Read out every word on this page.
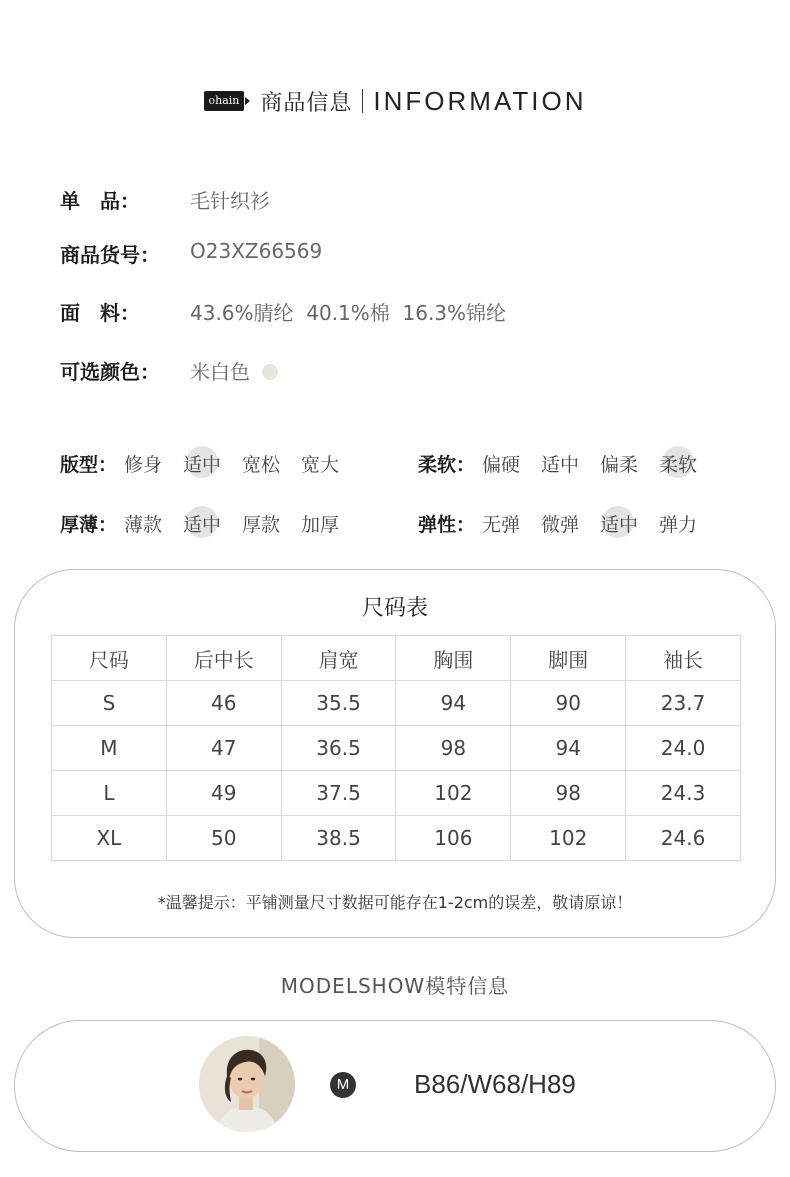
ohain 商品信息 INFORMATION
单　品：	毛针织衫
商品货号： O23XZ66569
面　料：	43.6%腈纶  40.1%棉  16.3%锦纶
可选颜色： 米白色
版型： 修身 适中 宽松 宽大	柔软： 偏硬 适中 偏柔 柔软
厚薄： 薄款 适中 厚款 加厚	弹性： 无弹 微弹 适中 弹力
尺码表
尺码	后中长	肩宽	胸围	脚围	袖长
S	46	35.5	94	90	23.7
M	47	36.5	98	94	24.0
L	49	37.5	102	98	24.3
XL	50	38.5	106	102	24.6
*温馨提示：平铺测量尺寸数据可能存在1-2cm的误差，敬请原谅！
MODELSHOW模特信息
M B86/W68/H89
